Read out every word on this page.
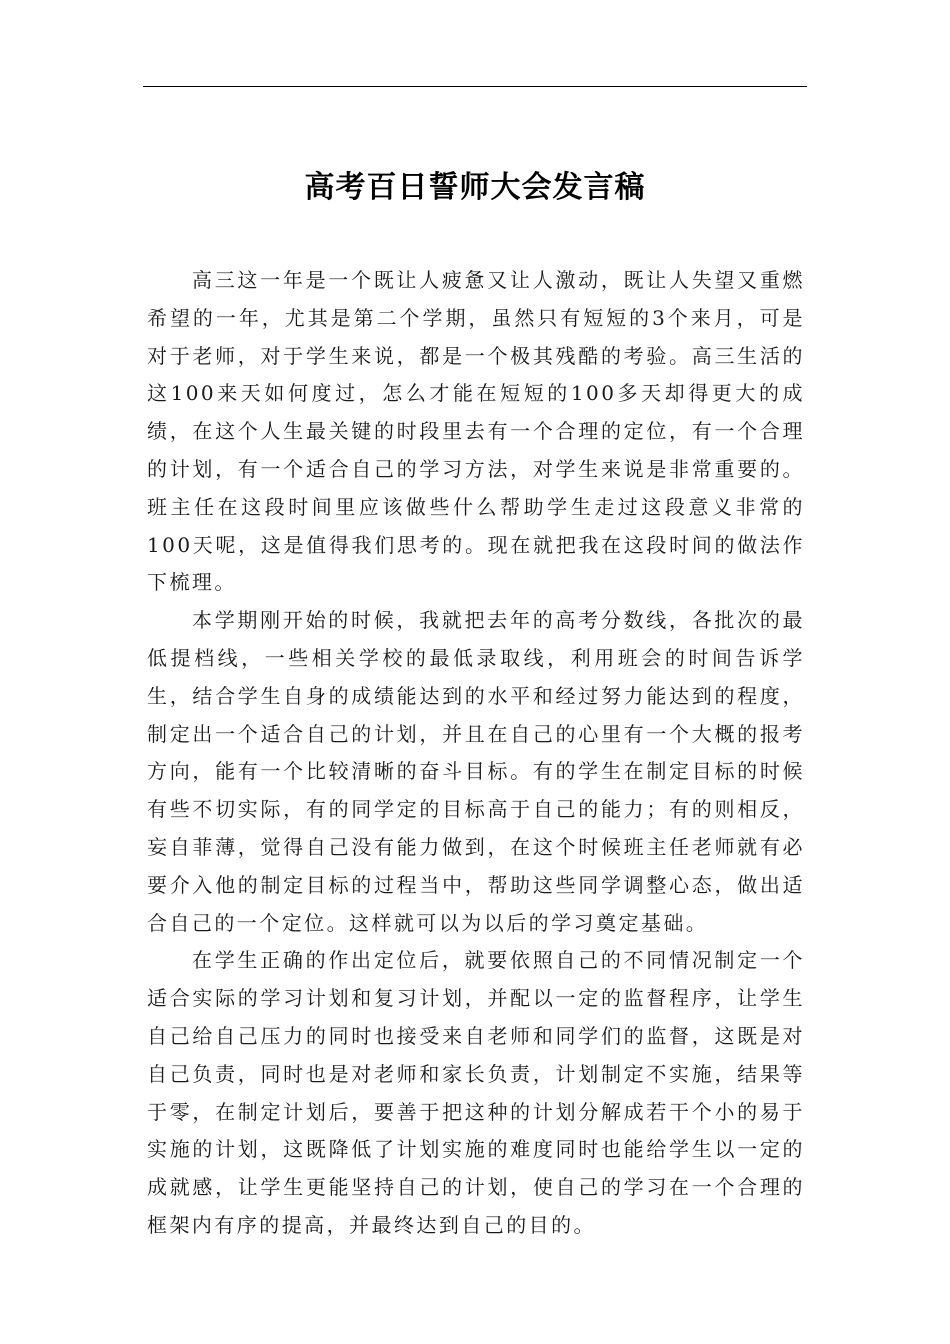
高考百日誓师大会发言稿

高三这一年是一个既让人疲惫又让人激动，既让人失望又重燃希望的一年，尤其是第二个学期，虽然只有短短的3个来月，可是对于老师，对于学生来说，都是一个极其残酷的考验。高三生活的这100来天如何度过，怎么才能在短短的100多天却得更大的成绩，在这个人生最关键的时段里去有一个合理的定位，有一个合理的计划，有一个适合自己的学习方法，对学生来说是非常重要的。班主任在这段时间里应该做些什么帮助学生走过这段意义非常的100天呢，这是值得我们思考的。现在就把我在这段时间的做法作下梳理。

本学期刚开始的时候，我就把去年的高考分数线，各批次的最低提档线，一些相关学校的最低录取线，利用班会的时间告诉学生，结合学生自身的成绩能达到的水平和经过努力能达到的程度，制定出一个适合自己的计划，并且在自己的心里有一个大概的报考方向，能有一个比较清晰的奋斗目标。有的学生在制定目标的时候有些不切实际，有的同学定的目标高于自己的能力；有的则相反，妄自菲薄，觉得自己没有能力做到，在这个时候班主任老师就有必要介入他的制定目标的过程当中，帮助这些同学调整心态，做出适合自己的一个定位。这样就可以为以后的学习奠定基础。

在学生正确的作出定位后，就要依照自己的不同情况制定一个适合实际的学习计划和复习计划，并配以一定的监督程序，让学生自己给自己压力的同时也接受来自老师和同学们的监督，这既是对自己负责，同时也是对老师和家长负责，计划制定不实施，结果等于零，在制定计划后，要善于把这种的计划分解成若干个小的易于实施的计划，这既降低了计划实施的难度同时也能给学生以一定的成就感，让学生更能坚持自己的计划，使自己的学习在一个合理的框架内有序的提高，并最终达到自己的目的。
